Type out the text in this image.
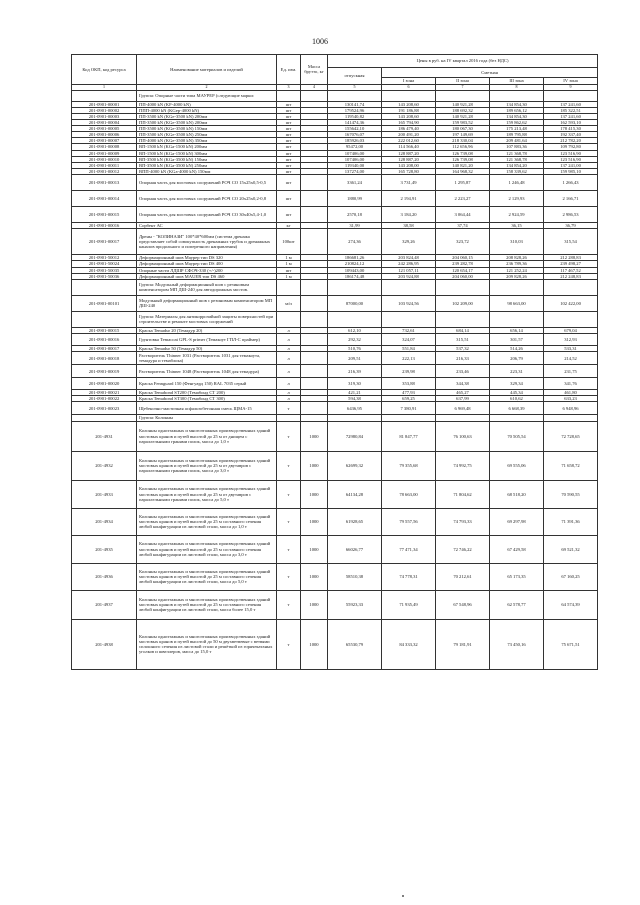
1006
Код ОКП, код ресурса	Наименование материалов и изделий	Ед. изм.	Масса брутто, кг	Цены в руб. на IV квартал 2016 года (без НДС)				
				отпускная	Сметная			
					I зона	II зона	III зона	IV зона
1	2	3	4	5	6	7	8	9
	Группа: Опорные части типа МАУРЕР (следующие марки:							
201-0901-00001	ПП-4000 kN (KF-4000 kN)	шт		130141,74	143 208,60	140 921,28	134 854,30	137 241,60
201-0901-00002	ППП-4000 kN (KGep-4000 kN)	шт		179524,96	191 186,88	188 692,32	189 656,12	185 322,51
201-0901-00003	ПП-3500 kN (KGe-3500 kN) 200мм	шт		119540,82	143 208,60	140 921,28	134 854,30	137 241,60
201-0901-00004	ПП-3500 kN (KGe-3500 kN) 200мм	шт		141474,36	165 794,90	159 983,52	159 862,62	162 593,10
201-0901-00005	ПП-3500 kN (KGe-3500 kN) 150мм	шт		155642,10	186 479,40	180 067,30	175 213,48	178 415,30
201-0901-00006	ПП-3500 kN (KGe-3500 kN) 250мм	шт		167076,07	200 491,20	197 149,69	189 795,88	192 337,40
201-0901-00007	ПП-4000 kN (KGe-3500 kN) 350мм	шт		185926,03	222 012,60	218 330,04	209 481,64	212 782,20
201-0901-00008	ВП-1500 kN (KGa-1500 kN) 200мм	шт		95472,00	114 566,40	112 656,96	107 883,36	109 792,80
201-0901-00009	ВП-1500 kN (KGa-1500 kN) 300мм	шт		107406,00	128 887,20	126 739,08	121 368,78	123 516,90
201-0901-00010	ВП-3500 kN (KGa-3500 kN) 150мм	шт		107406,00	128 887,20	126 739,08	121 368,78	123 516,90
201-0901-00011	ВП-3500 kN (KGa-3500 kN) 250мм	шт		119340,00	143 208,00	140 821,20	134 854,20	137 241,00
201-0901-00012	ВПП-4000 kN (KGa-4000 kN) 150мм	шт		137274,00	165 728,80	164 968,32	158 339,62	159 985,10
201-0901-00013	Опорная часть для мостовых сооружений РОЧ СО 15х25х0,5-0,5	шт		3361,24	3 731,49	1 295,87	1 246,48	1 266,43
201-0901-00014	Опорная часть для мостовых сооружений РОЧ СО 20х25х0,2-0,8	шт		1880,99	2 194,91	2 223,27	2 129,93	2 166,71
201-0901-00015	Опорная часть для мостовых сооружений РОЧ СО 30х40х5,4-1,0	шт		2570,18	3 184,20	3 064,44	2 924,59	2 986,53
201-0901-00016	Сорбент АС	кг		31,99	38,58	37,74	36,15	36,79
201-0901-00017	Дрены - "КОЛИНАЗИ" 100*40*600мм (система дренажа представляет собой совокупность дренажных трубок и дренажных каналов продольного и поперечного направления)	100шт		274,36	329,26	323,72	310,03	315,54
201-0901-50012	Деформационный шов Маурер тип DS 320	1 м		186681,26	203 824,48	204 060,15	208 828,26	212 288,83
201-0901-50024	Деформационный шов Маурер тип DS 400	1 м		210824,12	242 286,95	239 282,78	236 789,36	239 498,27
201-0901-50035	Опорные части ЛДШР СФОЧ-330 (+/-)200	шт		109443,00	121 057,11	120 654,17	121 252,24	117 467,52
201-0901-50036	Деформационный шов MAUER тип DS 460	1 м		186174,48	203 924,88	204 060,00	209 828,26	212 248,83
	Группа: Модульный деформационный шов с резиновым компенсатором МП ДШ-240 для автодорожных мостов.							
201-0901-00101	Модульный деформационный шов с резиновым компенсатором МП ДШ-240	м/п		87000,00	103 924,56	102 209,00	98 663,00	102 422,00
	Группа: Материалы для антикоррозийной защиты поверхностей при строительстве и ремонте мостовых сооружений							
201-0901-00015	Краска Temadur 20 (Темадур 20)	л		612,10	732,61	684,14	656,14	679,04
201-0901-00016	Грунтовка Temacoat GPL-S primer (Темакоут ГПЛ-С праймер)	л		292,32	324,07	315,51	301,57	312,93
201-0901-00017	Краска Temadur 50 (Темадур 50)	л		510,76	551,84	537,32	514,26	533,31
201-0901-00018	Растворитель Thinner 1031 (Растворитель 1031 для темакоута, темадура и темаблока)	л		209,51	222,13	216,33	206,79	214,52
201-0901-00019	Растворитель Thinner 1048 (Растворитель 1048 для темадура)	л		216,39	239,98	233,46	223,31	231,75
201-0901-00020	Краска Fennguard 150 (Фенгуард 150) RAL 7035 серый	л		319,30	353,88	344,38	329,34	341,76
201-0901-00021	Краска Temabond ST200 (Темабонд СТ 200)	л		421,21	477,93	465,27	445,34	461,80
201-0901-00022	Краска Temabond ST300 (Темабонд СТ 300)	л		594,38	659,25	637,99	610,62	633,23
201-0901-00023	Щебеночно-мастичная асфальтобетонная смесь ЩМА-15	т		6436,95	7 380,91	6 969,48	6 668,39	6 948,96
	Группа: Колонны							
201-4931	Колонны одноэтажных и многоэтажных производственных зданий мостовых кранов и путей высотой до 25 м от днищем с параллельными гранями полок, масса до 1,0 т	т	1000	72980,84	81 847,77	76 100,63	70 505,54	72 728,65
201-4932	Колонны одноэтажных и многоэтажных производственных зданий мостовых кранов и путей высотой до 25 м от двутавров с параллельными гранями полок, масса до 3,0 т	т	1000	62699,32	79 355,68	74 992,75	69 555,06	71 658,72
201-4933	Колонны одноэтажных и многоэтажных производственных зданий мостовых кранов и путей высотой до 25 м от двутавров с параллельными гранями полок, масса до 5,0 т	т	1000	64134,28	78 663,00	71 804,62	68 518,20	70 590,55
201-4934	Колонны одноэтажных и многоэтажных производственных зданий мостовых кранов и путей высотой до 25 м составного сечения любой конфигурации из листовой стали, масса до 1,0 т	т	1000	61928,65	79 557,56	74 793,33	69 297,98	71 391,36
201-4935	Колонны одноэтажных и многоэтажных производственных зданий мостовых кранов и путей высотой до 25 м составного сечения любой конфигурации из листовой стали, масса до 3,0 т	т	1000	66026,77	77 471,34	72 746,22	67 429,58	69 521,32
201-4936	Колонны одноэтажных и многоэтажных производственных зданий мостовых кранов и путей высотой до 25 м составного сечения любой конфигурации из листовой стали, масса до 5,0 т	т	1000	58510,38	74 778,31	70 212,61	65 173,35	67 160,25
201-4937	Колонны одноэтажных и многоэтажных производственных зданий мостовых кранов и путей высотой до 25 м составного сечения любой конфигурации из листовой стали, масса более 15,0 т	т	1000	55923,33	71 935,49	67 548,96	62 578,77	64 574,39
201-4938	Колонны одноэтажных и многоэтажных производственных зданий мостовых кранов и путей высотой до 50 м двухветвевые с ветвями сплошного сечения из листовой стали и решёткой из горячекатаных уголков и швеллеров, масса до 15,0 т	т	1000	65530,79	84 333,32	79 181,91	73 450,16	75 671,51
